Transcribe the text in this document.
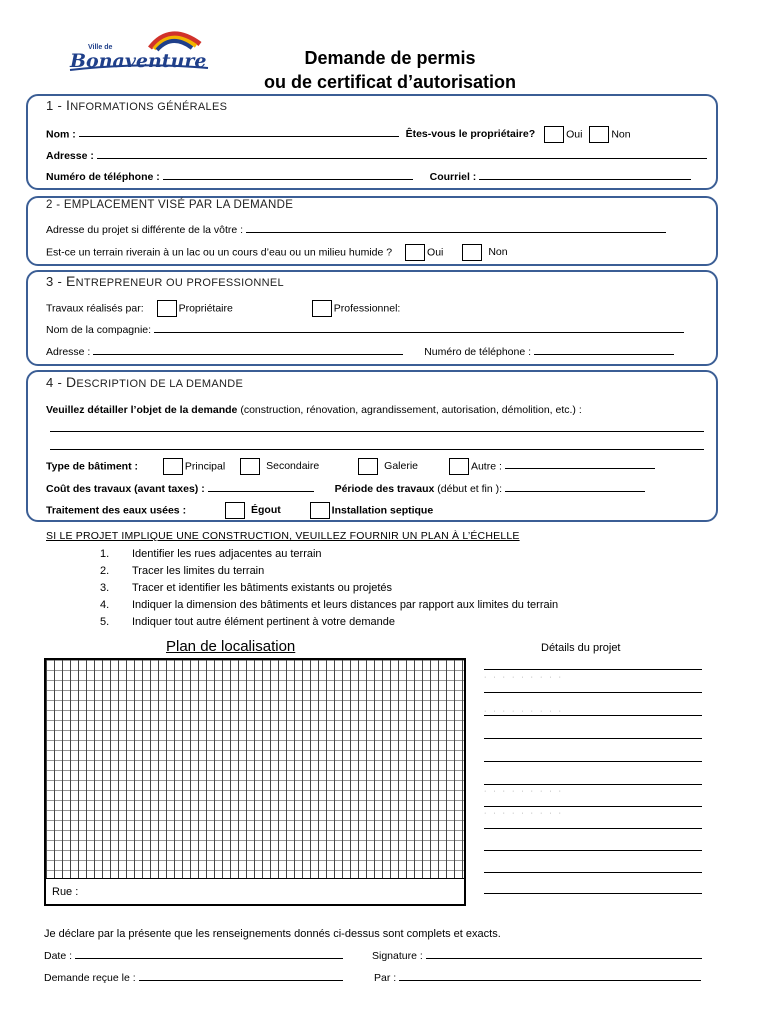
Ville de
Bonaventure	Demande de permis
ou de certificat d’autorisation
1 - INFORMATIONS GÉNÉRALES
Nom :	Êtes-vous le propriétaire?	Oui	Non
Adresse :
Numéro de téléphone :	Courriel :
2 - EMPLACEMENT VISÉ PAR LA DEMANDE
Adresse du projet si différente de la vôtre :
Est-ce un terrain riverain à un lac ou un cours d’eau ou un milieu humide ?	Oui	Non
3 - ENTREPRENEUR OU PROFESSIONNEL
Travaux réalisés par:	Propriétaire	Professionnel:
Nom de la compagnie:
Adresse :	Numéro de téléphone :
4 - DESCRIPTION DE LA DEMANDE
Veuillez détailler l’objet de la demande (construction, rénovation, agrandissement, autorisation, démolition, etc.) :
Type de bâtiment :	Principal	Secondaire	Galerie	Autre :
Coût des travaux (avant taxes) :	Période des travaux (début et fin ):
Traitement des eaux usées :	Égout	Installation septique
SI LE PROJET IMPLIQUE UNE CONSTRUCTION, VEUILLEZ FOURNIR UN PLAN À L’ÉCHELLE
1. Identifier les rues adjacentes au terrain
2. Tracer les limites du terrain
3. Tracer et identifier les bâtiments existants ou projetés
4. Indiquer la dimension des bâtiments et leurs distances par rapport aux limites du terrain
5. Indiquer tout autre élément pertinent à votre demande
Plan de localisation	Détails du projet
Rue :
·········
·········
·········
·········
Je déclare par la présente que les renseignements donnés ci-dessus sont complets et exacts.
Date :	Signature :
Demande reçue le :	Par :
